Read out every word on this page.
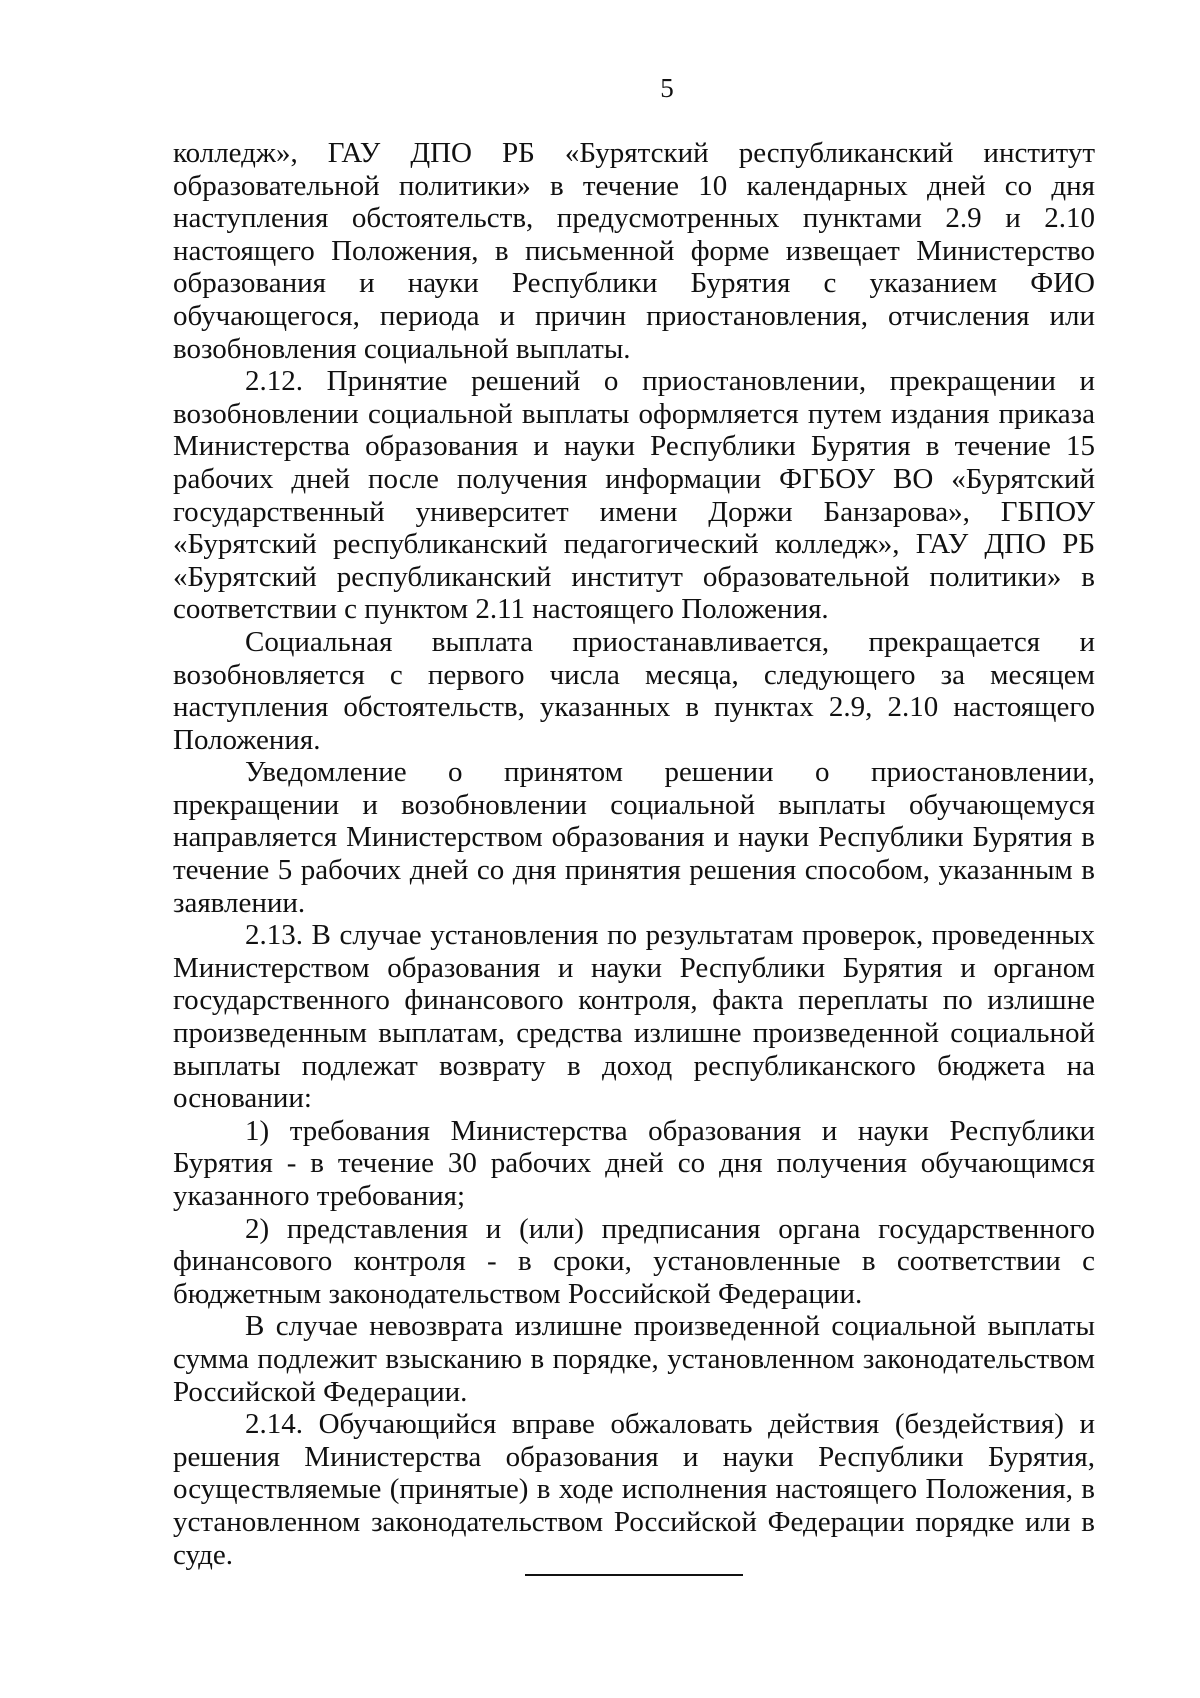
5

колледж», ГАУ ДПО РБ «Бурятский республиканский институт образовательной политики» в течение 10 календарных дней со дня наступления обстоятельств, предусмотренных пунктами 2.9 и 2.10 настоящего Положения, в письменной форме извещает Министерство образования и науки Республики Бурятия с указанием ФИО обучающегося, периода и причин приостановления, отчисления или возобновления социальной выплаты.

2.12. Принятие решений о приостановлении, прекращении и возобновлении социальной выплаты оформляется путем издания приказа Министерства образования и науки Республики Бурятия в течение 15 рабочих дней после получения информации ФГБОУ ВО «Бурятский государственный университет имени Доржи Банзарова», ГБПОУ «Бурятский республиканский педагогический колледж», ГАУ ДПО РБ «Бурятский республиканский институт образовательной политики» в соответствии с пунктом 2.11 настоящего Положения.

Социальная выплата приостанавливается, прекращается и возобновляется с первого числа месяца, следующего за месяцем наступления обстоятельств, указанных в пунктах 2.9, 2.10 настоящего Положения.

Уведомление о принятом решении о приостановлении, прекращении и возобновлении социальной выплаты обучающемуся направляется Министерством образования и науки Республики Бурятия в течение 5 рабочих дней со дня принятия решения способом, указанным в заявлении.

2.13. В случае установления по результатам проверок, проведенных Министерством образования и науки Республики Бурятия и органом государственного финансового контроля, факта переплаты по излишне произведенным выплатам, средства излишне произведенной социальной выплаты подлежат возврату в доход республиканского бюджета на основании:

1) требования Министерства образования и науки Республики Бурятия - в течение 30 рабочих дней со дня получения обучающимся указанного требования;

2) представления и (или) предписания органа государственного финансового контроля - в сроки, установленные в соответствии с бюджетным законодательством Российской Федерации.

В случае невозврата излишне произведенной социальной выплаты сумма подлежит взысканию в порядке, установленном законодательством Российской Федерации.

2.14. Обучающийся вправе обжаловать действия (бездействия) и решения Министерства образования и науки Республики Бурятия, осуществляемые (принятые) в ходе исполнения настоящего Положения, в установленном законодательством Российской Федерации порядке или в суде.
